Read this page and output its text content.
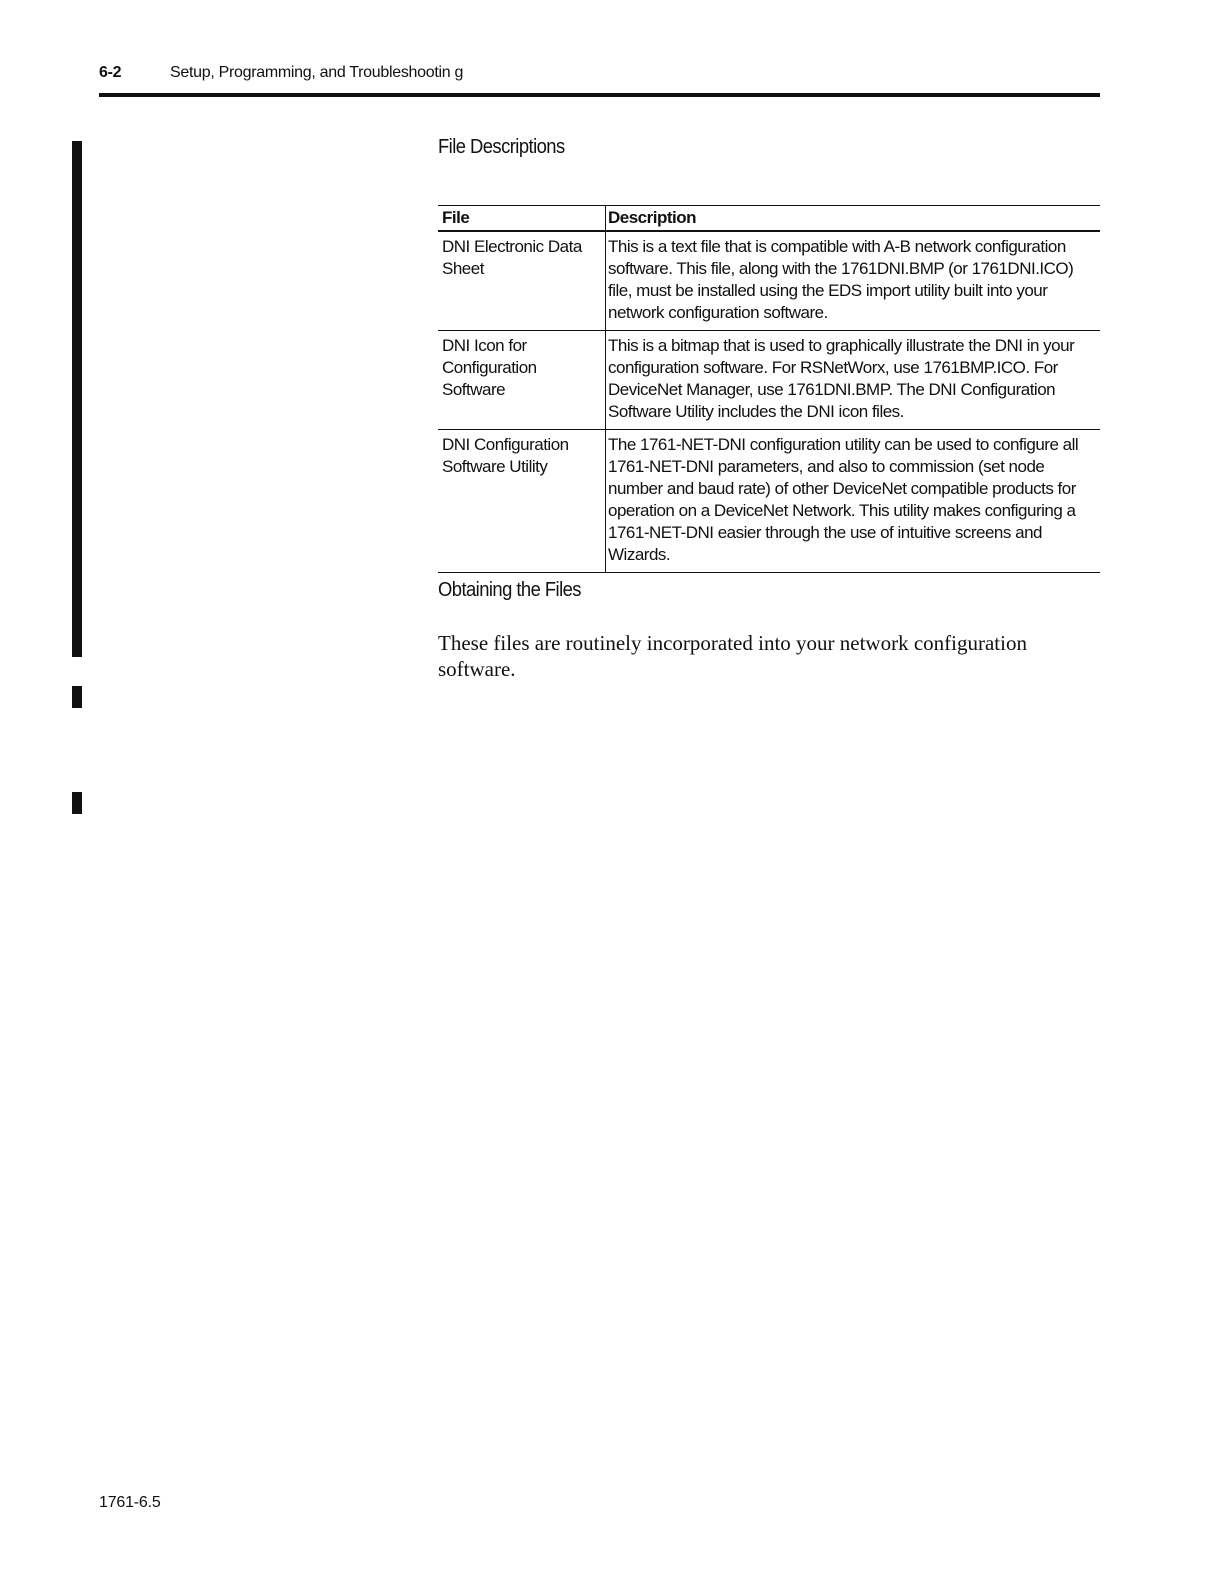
6-2	Setup, Programming, and Troubleshootin g
File Descriptions
File	Description
DNI Electronic Data Sheet	This is a text file that is compatible with A-B network configuration software. This file, along with the 1761DNI.BMP (or 1761DNI.ICO) file, must be installed using the EDS import utility built into your network configuration software.
DNI Icon for Configuration Software	This is a bitmap that is used to graphically illustrate the DNI in your configuration software. For RSNetWorx, use 1761BMP.ICO. For DeviceNet Manager, use 1761DNI.BMP. The DNI Configuration Software Utility includes the DNI icon files.
DNI Configuration Software Utility	The 1761-NET-DNI configuration utility can be used to configure all 1761-NET-DNI parameters, and also to commission (set node number and baud rate) of other DeviceNet compatible products for operation on a DeviceNet Network. This utility makes configuring a 1761-NET-DNI easier through the use of intuitive screens and Wizards.
Obtaining the Files

These files are routinely incorporated into your network configuration software.

1761-6.5
